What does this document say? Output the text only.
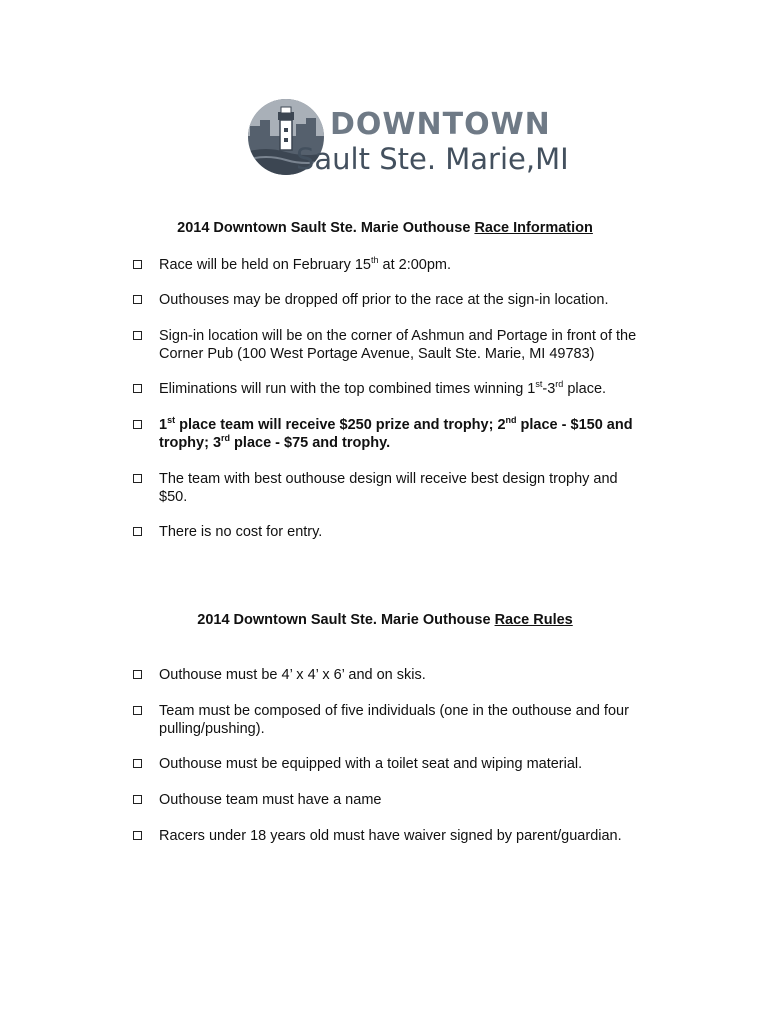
DOWNTOWN
Sault Ste. Marie,MI
2014 Downtown Sault Ste. Marie Outhouse Race Information
Race will be held on February 15th at 2:00pm.
Outhouses may be dropped off prior to the race at the sign-in location.
Sign-in location will be on the corner of Ashmun and Portage in front of the
Corner Pub (100 West Portage Avenue, Sault Ste. Marie, MI 49783)
Eliminations will run with the top combined times winning 1st-3rd place.
1st place team will receive $250 prize and trophy; 2nd place - $150 and
trophy; 3rd place - $75 and trophy.
The team with best outhouse design will receive best design trophy and
$50.
There is no cost for entry.
2014 Downtown Sault Ste. Marie Outhouse Race Rules
Outhouse must be 4’ x 4’ x 6’ and on skis.
Team must be composed of five individuals (one in the outhouse and four
pulling/pushing).
Outhouse must be equipped with a toilet seat and wiping material.
Outhouse team must have a name
Racers under 18 years old must have waiver signed by parent/guardian.
